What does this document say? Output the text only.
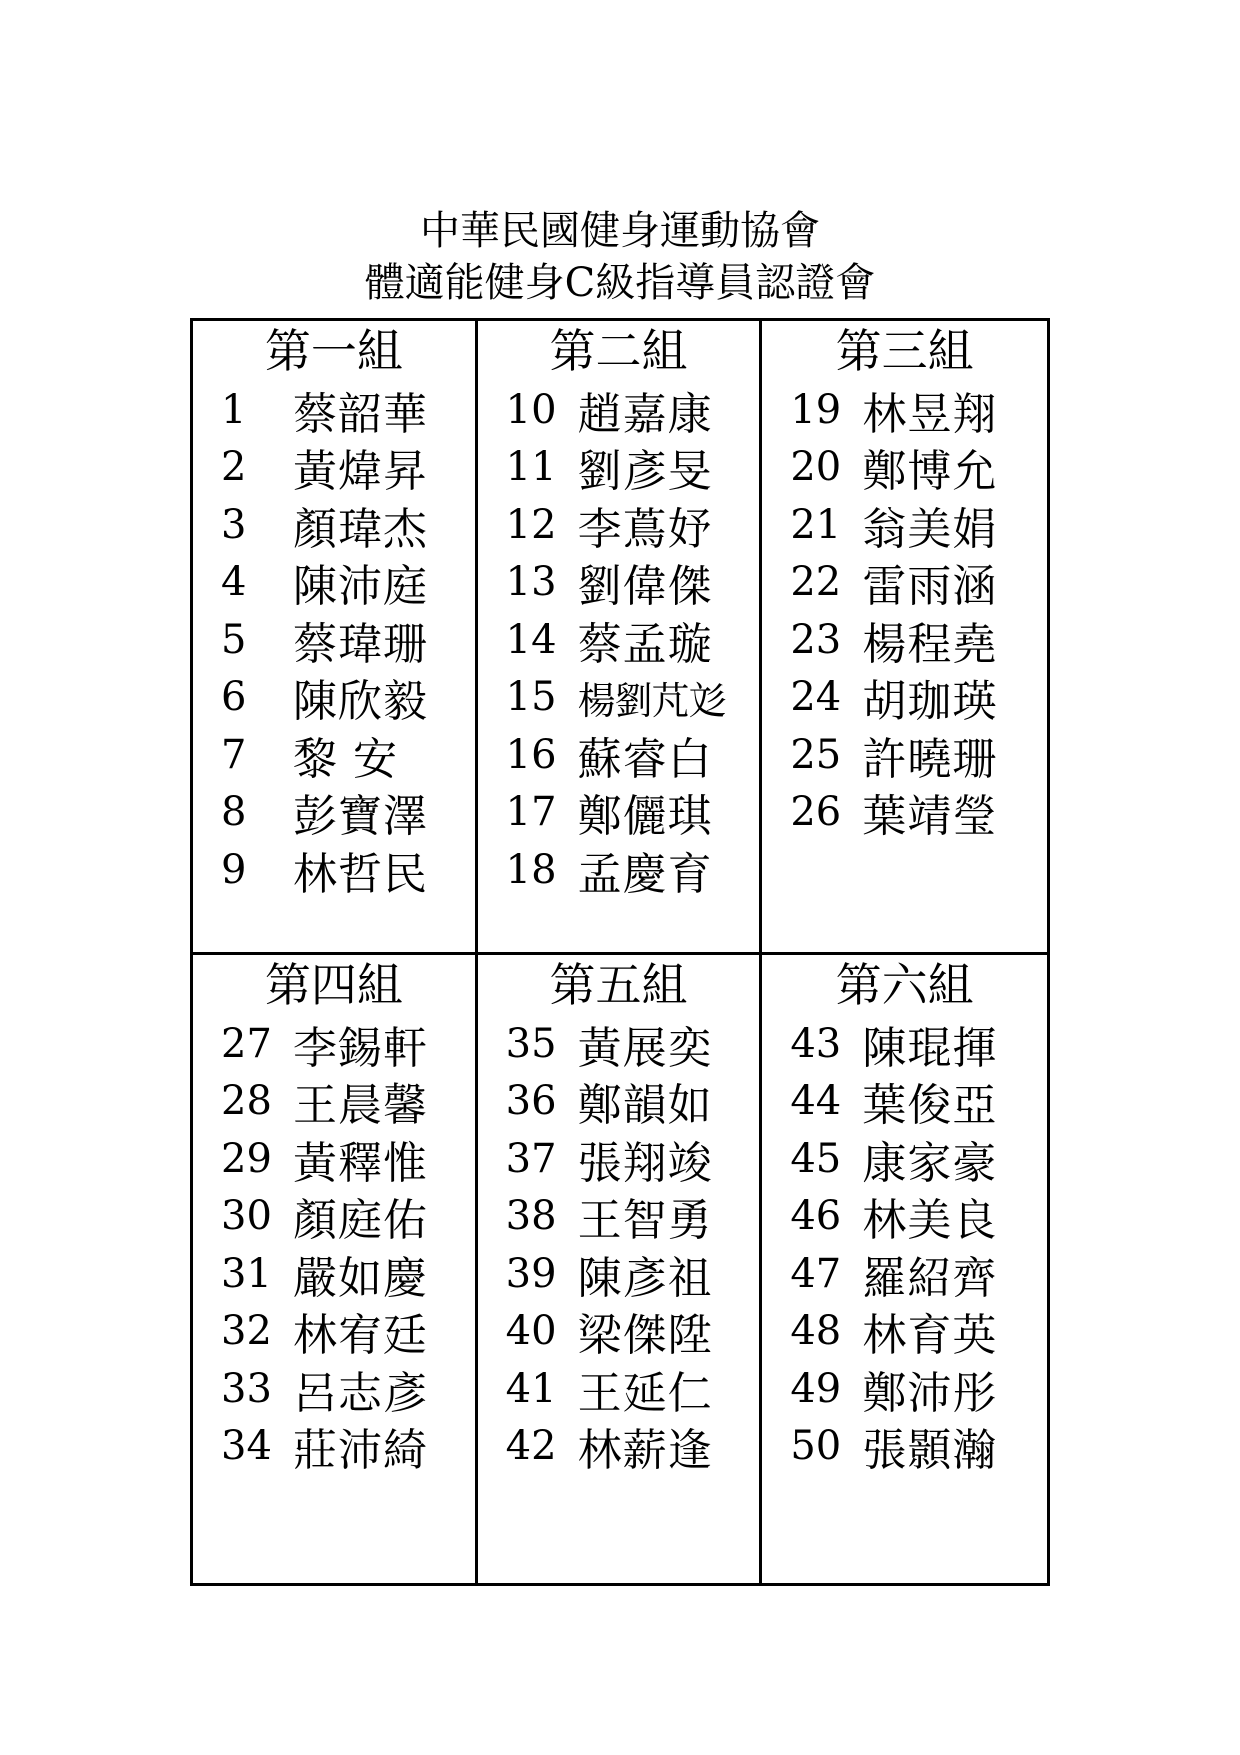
中華民國健身運動協會
體適能健身C級指導員認證會
第一組
1	蔡韶華
2	黃煒昇
3	顏瑋杰
4	陳沛庭
5	蔡瑋珊
6	陳欣毅
7	黎 安
8	彭寶澤
9	林哲民
第二組
10 趙嘉康
11 劉彥旻
12 李蔦妤
13 劉偉傑
14 蔡孟璇
15 楊劉芃彣
16 蘇睿白
17 鄭儷琪
18 孟慶育
第三組
19 林昱翔
20 鄭博允
21 翁美娟
22 雷雨涵
23 楊程堯
24 胡珈瑛
25 許曉珊
26 葉靖瑩
第四組
27 李錫軒
28 王晨馨
29 黃釋惟
30 顏庭佑
31 嚴如慶
32 林宥廷
33 呂志彥
34 莊沛綺
第五組
35 黃展奕
36 鄭韻如
37 張翔竣
38 王智勇
39 陳彥祖
40 梁傑陞
41 王延仁
42 林薪逢
第六組
43 陳琨揮
44 葉俊亞
45 康家豪
46 林美良
47 羅紹齊
48 林育英
49 鄭沛彤
50 張顥瀚
